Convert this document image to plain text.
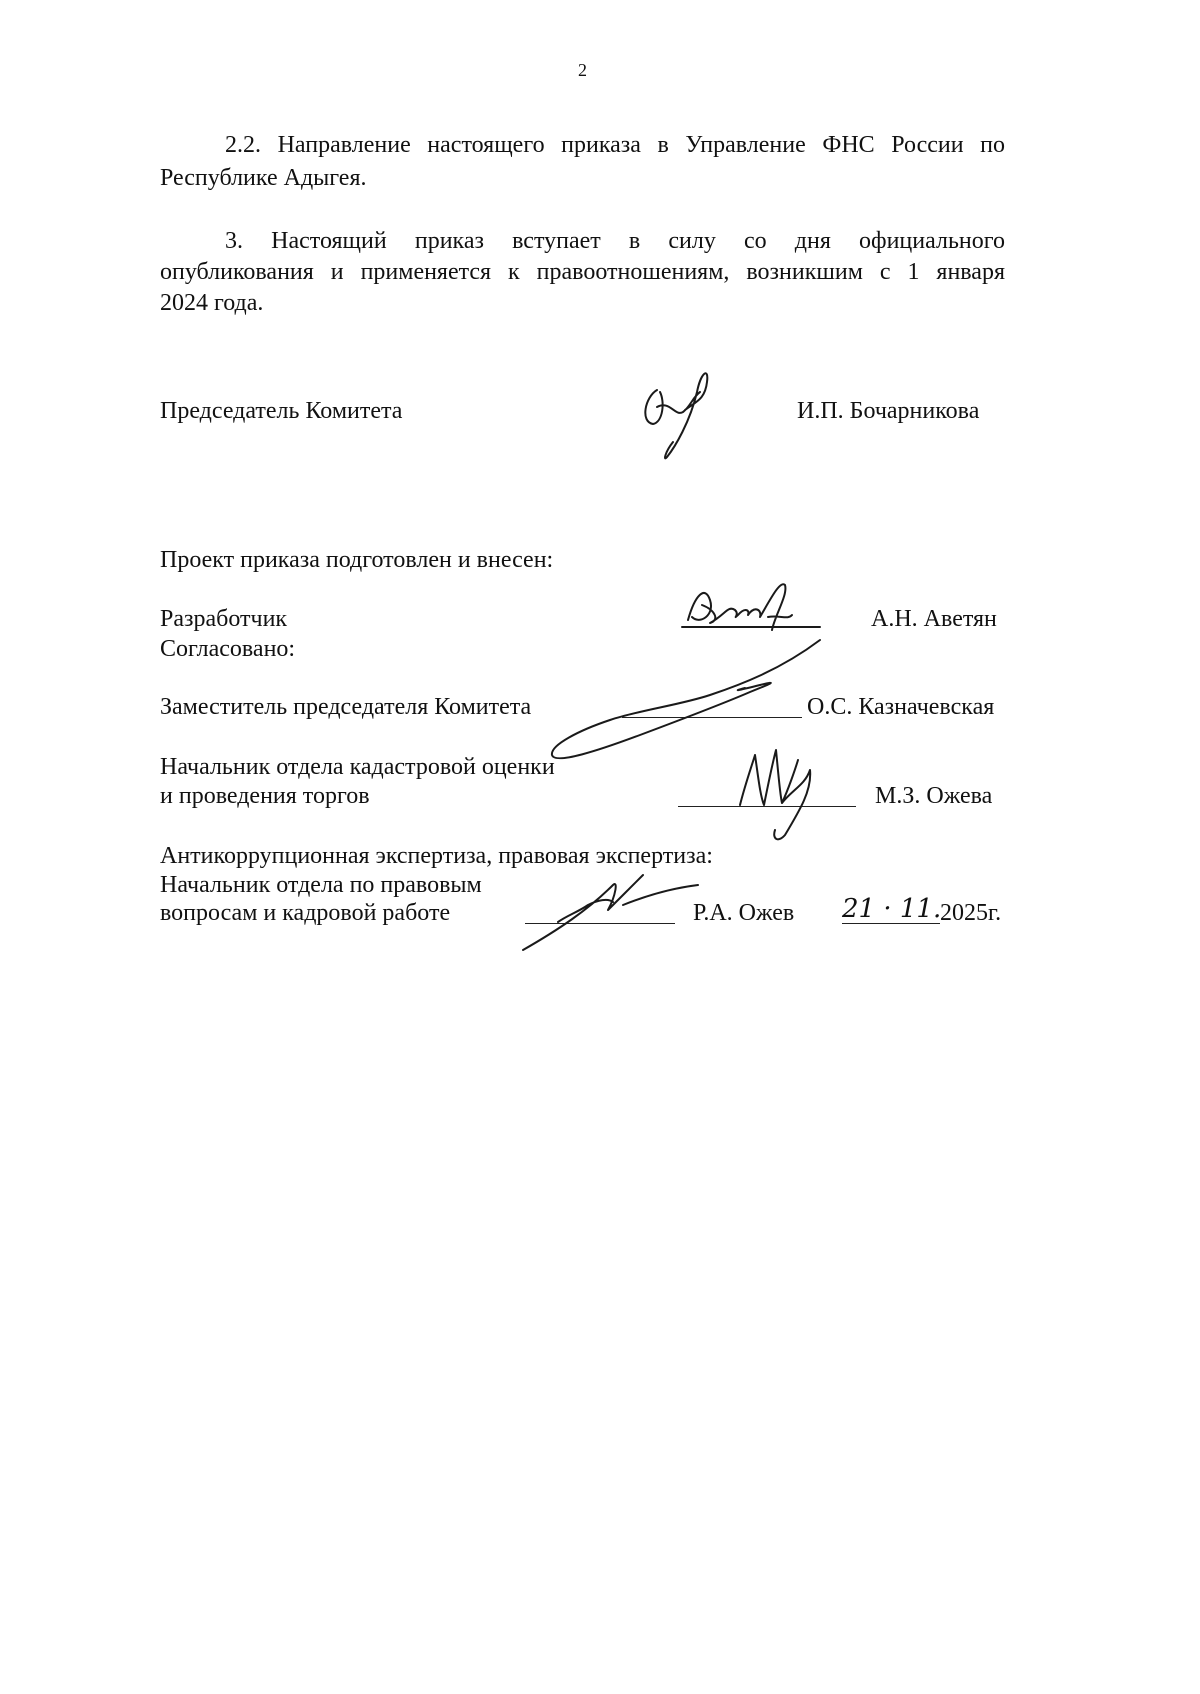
2
2.2. Направление настоящего приказа в Управление ФНС России по
Республике Адыгея.
3. Настоящий приказ вступает в силу со дня официального
опубликования и применяется к правоотношениям, возникшим с 1 января
2024 года.
Председатель Комитета	И.П. Бочарникова
Проект приказа подготовлен и внесен:
Разработчик	А.Н. Аветян
Согласовано:
Заместитель председателя Комитета	О.С. Казначевская
Начальник отдела кадастровой оценки
и проведения торгов	М.З. Ожева
Антикоррупционная экспертиза, правовая экспертиза:
Начальник отдела по правовым
вопросам и кадровой работе	Р.А. Ожев 21 · 11.
2025г.
